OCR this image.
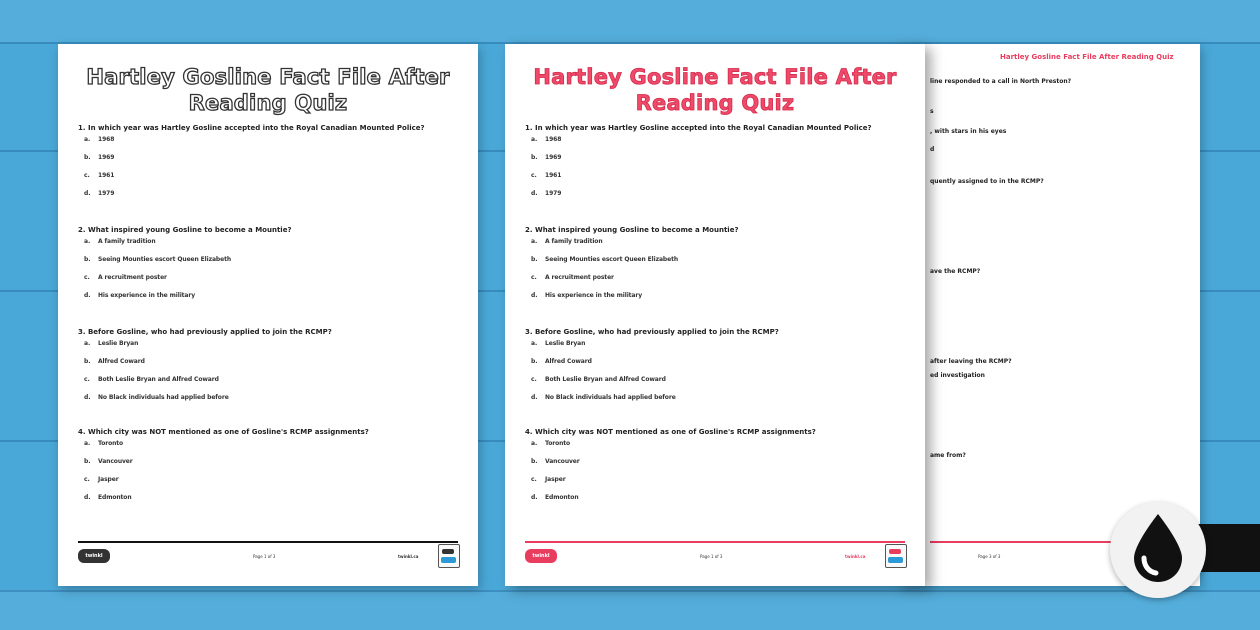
Hartley Gosline Fact File After Reading Quiz
line responded to a call in North Preston?
s
, with stars in his eyes
d
quently assigned to in the RCMP?
ave the RCMP?
after leaving the RCMP?
ed investigation
ame from?
Page 3 of 3
Hartley Gosline Fact File After
Reading Quiz
1. In which year was Hartley Gosline accepted into the Royal Canadian Mounted Police?
a.	1968
b.	1969
c.	1961
d.	1979
2. What inspired young Gosline to become a Mountie?
a.	A family tradition
b.	Seeing Mounties escort Queen Elizabeth
c.	A recruitment poster
d.	His experience in the military
3. Before Gosline, who had previously applied to join the RCMP?
a.	Leslie Bryan
b.	Alfred Coward
c.	Both Leslie Bryan and Alfred Coward
d.	No Black individuals had applied before
4. Which city was NOT mentioned as one of Gosline's RCMP assignments?
a.	Toronto
b.	Vancouver
c.	Jasper
d.	Edmonton
twinkl	Page 1 of 3	twinkl.ca
Hartley Gosline Fact File After
Reading Quiz
1. In which year was Hartley Gosline accepted into the Royal Canadian Mounted Police?
a.	1968
b.	1969
c.	1961
d.	1979
2. What inspired young Gosline to become a Mountie?
a.	A family tradition
b.	Seeing Mounties escort Queen Elizabeth
c.	A recruitment poster
d.	His experience in the military
3. Before Gosline, who had previously applied to join the RCMP?
a.	Leslie Bryan
b.	Alfred Coward
c.	Both Leslie Bryan and Alfred Coward
d.	No Black individuals had applied before
4. Which city was NOT mentioned as one of Gosline's RCMP assignments?
a.	Toronto
b.	Vancouver
c.	Jasper
d.	Edmonton
twinkl	Page 1 of 3	twinkl.ca
